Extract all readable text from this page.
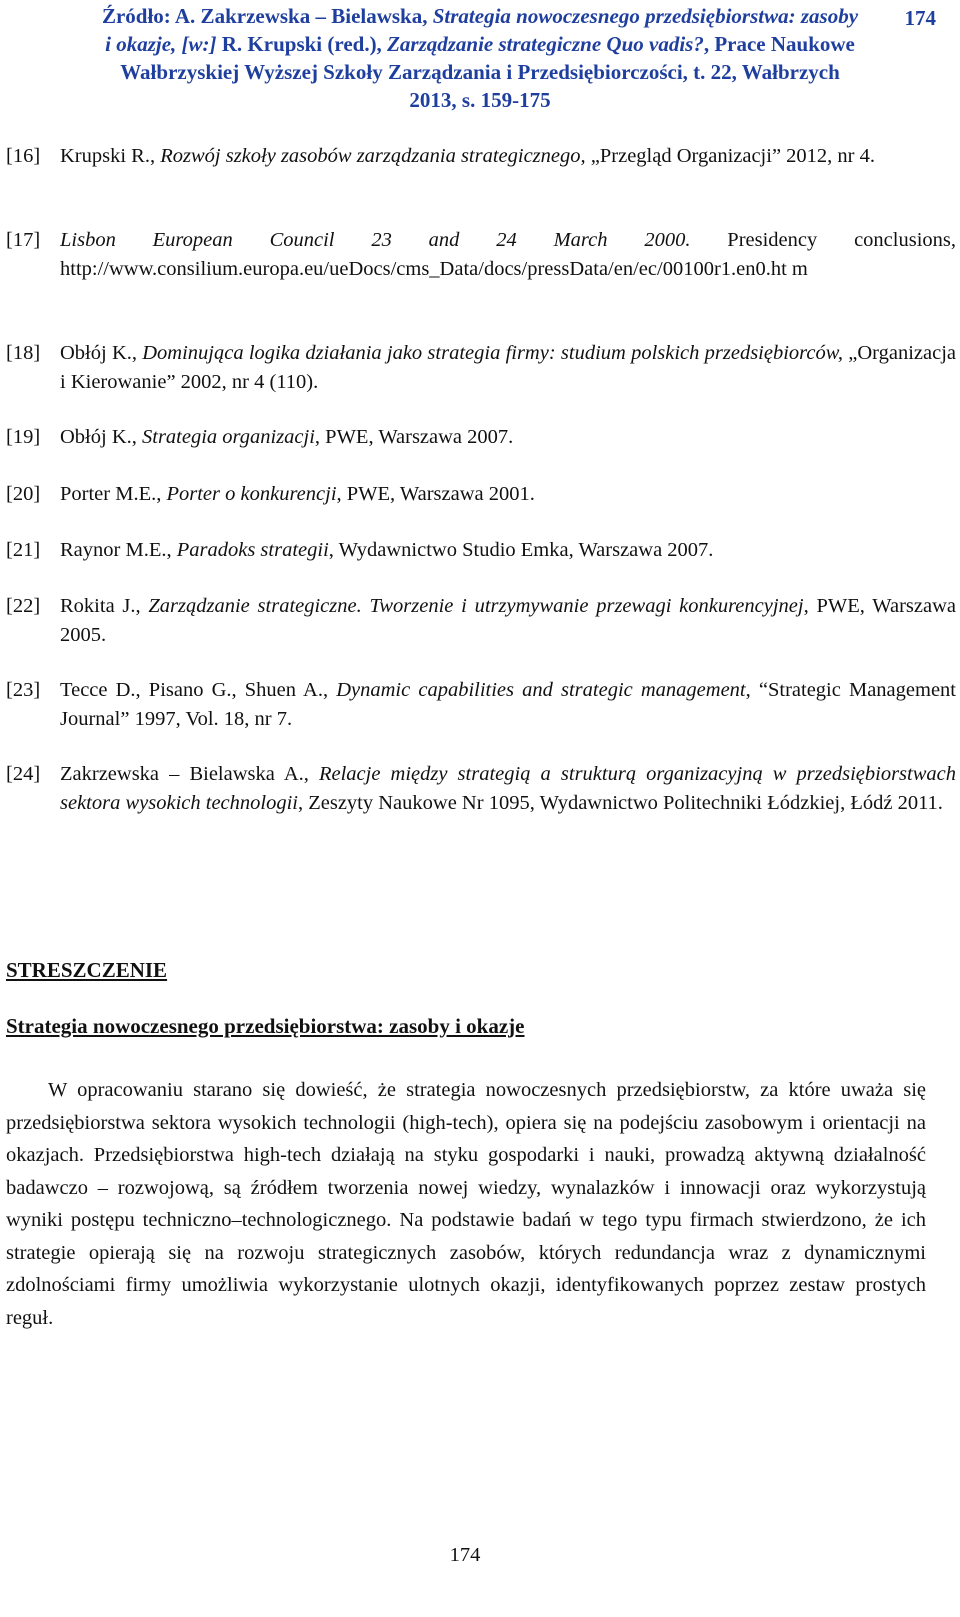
Źródło: A. Zakrzewska – Bielawska, Strategia nowoczesnego przedsiębiorstwa: zasoby

i okazje, [w:] R. Krupski (red.), Zarządzanie strategiczne Quo vadis?, Prace Naukowe

Wałbrzyskiej Wyższej Szkoły Zarządzania i Przedsiębiorczości, t. 22, Wałbrzych

2013, s. 159-175

174
[16] Krupski R., Rozwój szkoły zasobów zarządzania strategicznego, „Przegląd Organizacji” 2012, nr 4.
[17] Lisbon European Council 23 and 24 March 2000. Presidency conclusions, http://www.consilium.europa.eu/ueDocs/cms_Data/docs/pressData/en/ec/00100r1.en0.ht m
[18] Obłój K., Dominująca logika działania jako strategia firmy: studium polskich przedsiębiorców, „Organizacja i Kierowanie” 2002, nr 4 (110).
[19] Obłój K., Strategia organizacji, PWE, Warszawa 2007.
[20] Porter M.E., Porter o konkurencji, PWE, Warszawa 2001.
[21] Raynor M.E., Paradoks strategii, Wydawnictwo Studio Emka, Warszawa 2007.
[22] Rokita J., Zarządzanie strategiczne. Tworzenie i utrzymywanie przewagi konkurencyjnej, PWE, Warszawa 2005.
[23] Tecce D., Pisano G., Shuen A., Dynamic capabilities and strategic management, “Strategic Management Journal” 1997, Vol. 18, nr 7.
[24] Zakrzewska – Bielawska A., Relacje między strategią a strukturą organizacyjną w przedsiębiorstwach sektora wysokich technologii, Zeszyty Naukowe Nr 1095, Wydawnictwo Politechniki Łódzkiej, Łódź 2011.
STRESZCZENIE
Strategia nowoczesnego przedsiębiorstwa: zasoby i okazje

W opracowaniu starano się dowieść, że strategia nowoczesnych przedsiębiorstw, za które uważa się przedsiębiorstwa sektora wysokich technologii (high-tech), opiera się na podejściu zasobowym i orientacji na okazjach. Przedsiębiorstwa high-tech działają na styku gospodarki i nauki, prowadzą aktywną działalność badawczo – rozwojową, są źródłem tworzenia nowej wiedzy, wynalazków i innowacji oraz wykorzystują wyniki postępu techniczno–technologicznego. Na podstawie badań w tego typu firmach stwierdzono, że ich strategie opierają się na rozwoju strategicznych zasobów, których redundancja wraz z dynamicznymi zdolnościami firmy umożliwia wykorzystanie ulotnych okazji, identyfikowanych poprzez zestaw prostych reguł.

174
